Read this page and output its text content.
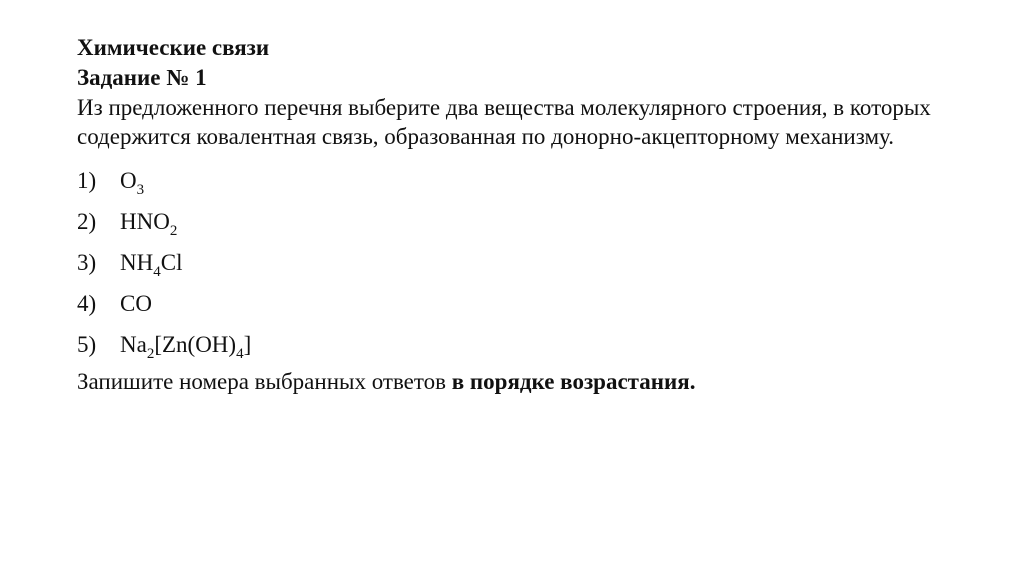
Химические связи

Задание № 1

Из предложенного перечня выберите два вещества молекулярного строения, в которых содержится ковалентная связь, образованная по донорно-акцепторному механизму.

1)	$O_3$
2)	$HNO_2$
3)	$NH_4Cl$
4)	CO
5)	$Na_2[Zn(OH)_4]$

Запишите номера выбранных ответов в порядке возрастания.
